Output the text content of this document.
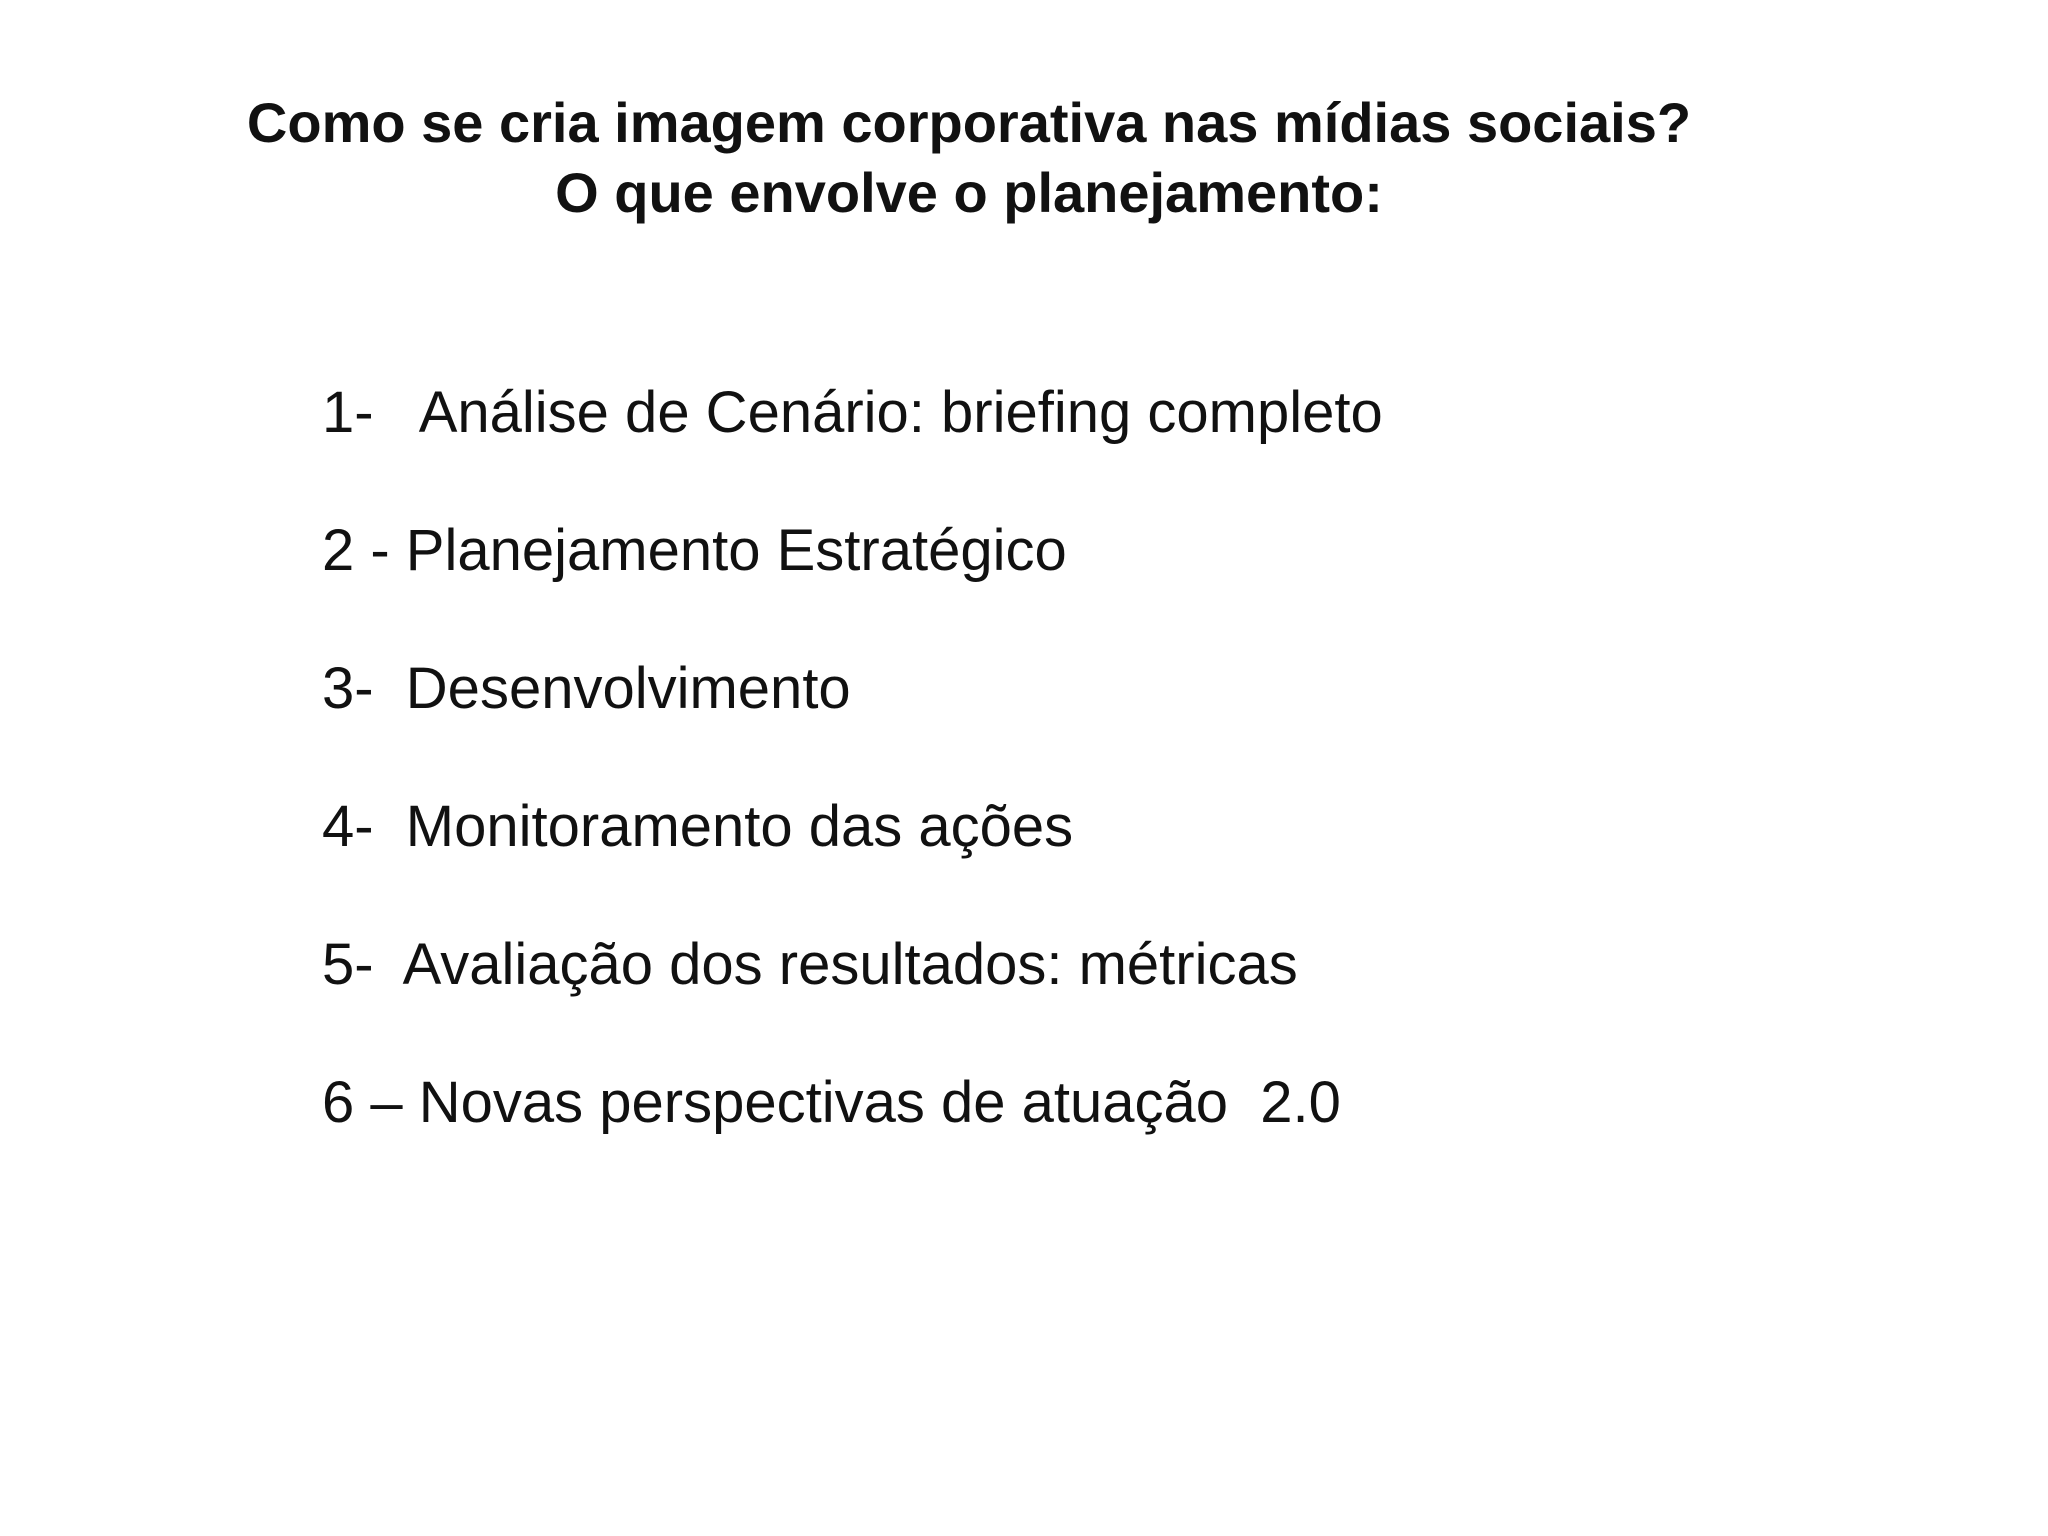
Como se cria imagem corporativa nas mídias sociais?
O que envolve o planejamento:
1-   Análise de Cenário: briefing completo
2 - Planejamento Estratégico
3-  Desenvolvimento
4-  Monitoramento das ações
5-  Avaliação dos resultados: métricas
6 – Novas perspectivas de atuação  2.0
